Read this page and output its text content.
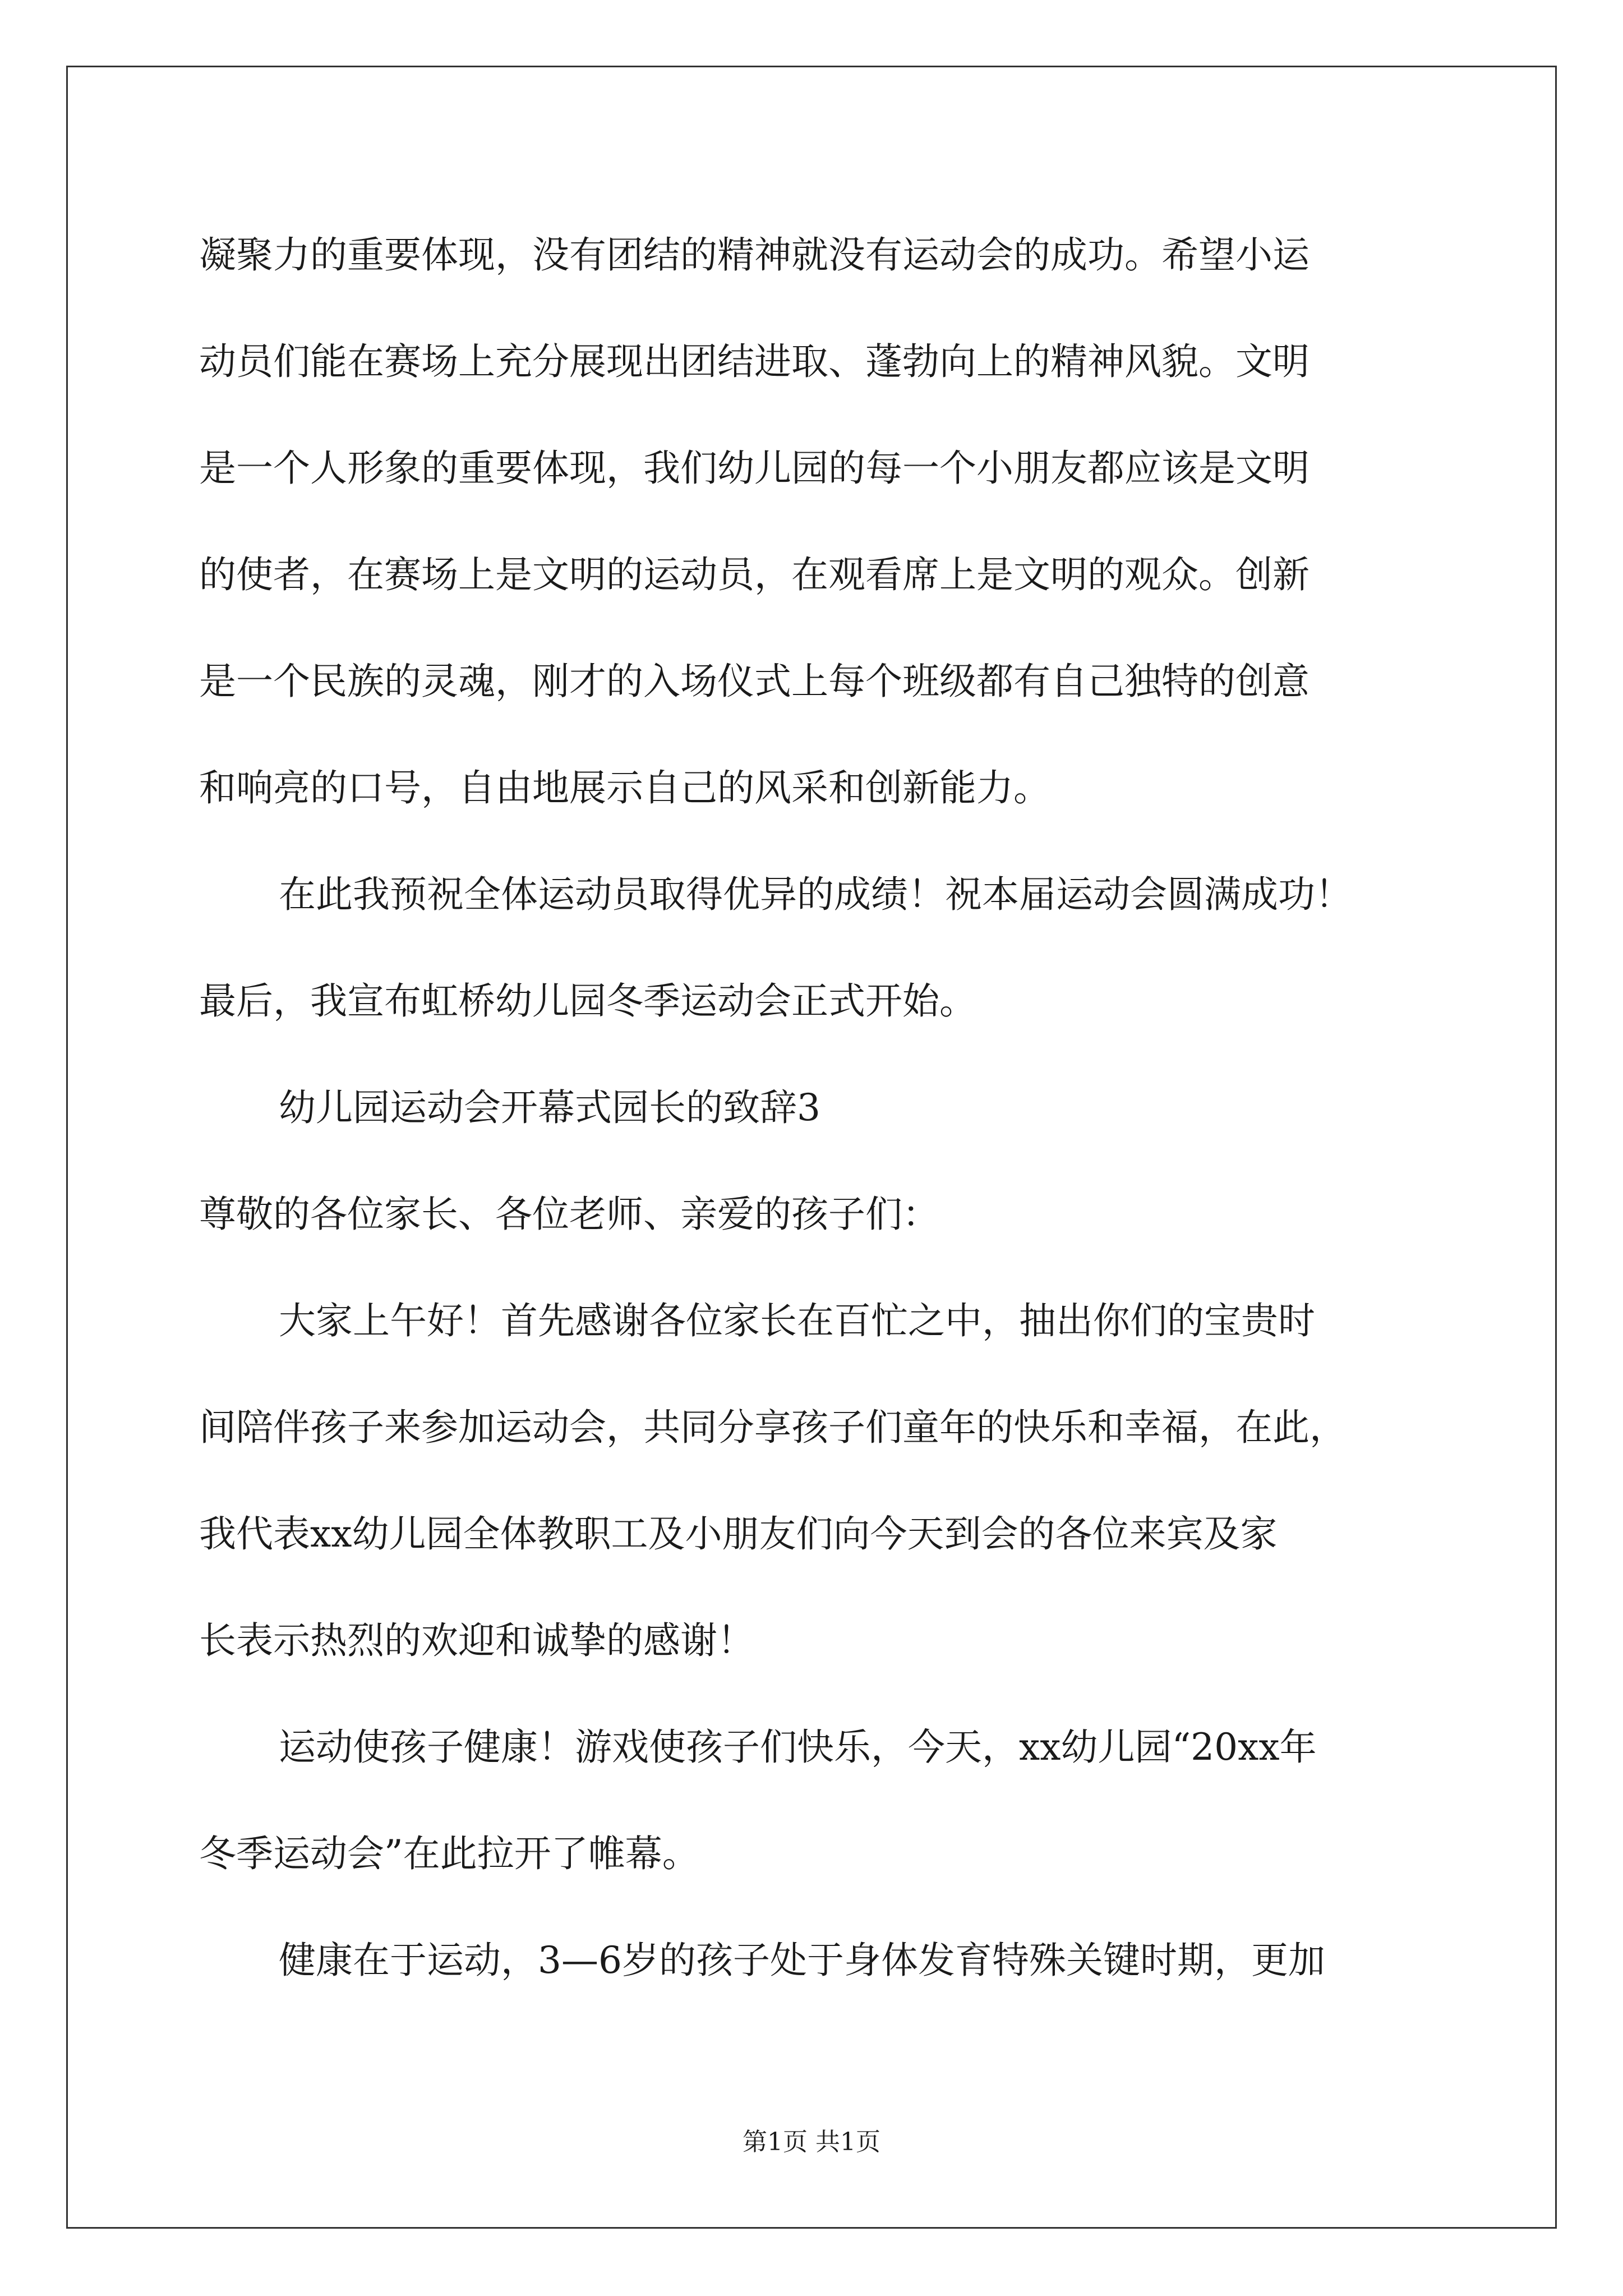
凝聚力的重要体现，没有团结的精神就没有运动会的成功。希望小运
动员们能在赛场上充分展现出团结进取、蓬勃向上的精神风貌。文明
是一个人形象的重要体现，我们幼儿园的每一个小朋友都应该是文明
的使者，在赛场上是文明的运动员，在观看席上是文明的观众。创新
是一个民族的灵魂，刚才的入场仪式上每个班级都有自己独特的创意
和响亮的口号，自由地展示自己的风采和创新能力。
在此我预祝全体运动员取得优异的成绩！祝本届运动会圆满成功！
最后，我宣布虹桥幼儿园冬季运动会正式开始。
幼儿园运动会开幕式园长的致辞3
尊敬的各位家长、各位老师、亲爱的孩子们：
大家上午好！首先感谢各位家长在百忙之中，抽出你们的宝贵时
间陪伴孩子来参加运动会，共同分享孩子们童年的快乐和幸福，在此，
我代表xx幼儿园全体教职工及小朋友们向今天到会的各位来宾及家
长表示热烈的欢迎和诚挚的感谢！
运动使孩子健康！游戏使孩子们快乐，今天，xx幼儿园“20xx年
冬季运动会”在此拉开了帷幕。
健康在于运动，3—6岁的孩子处于身体发育特殊关键时期，更加
第1页 共1页
